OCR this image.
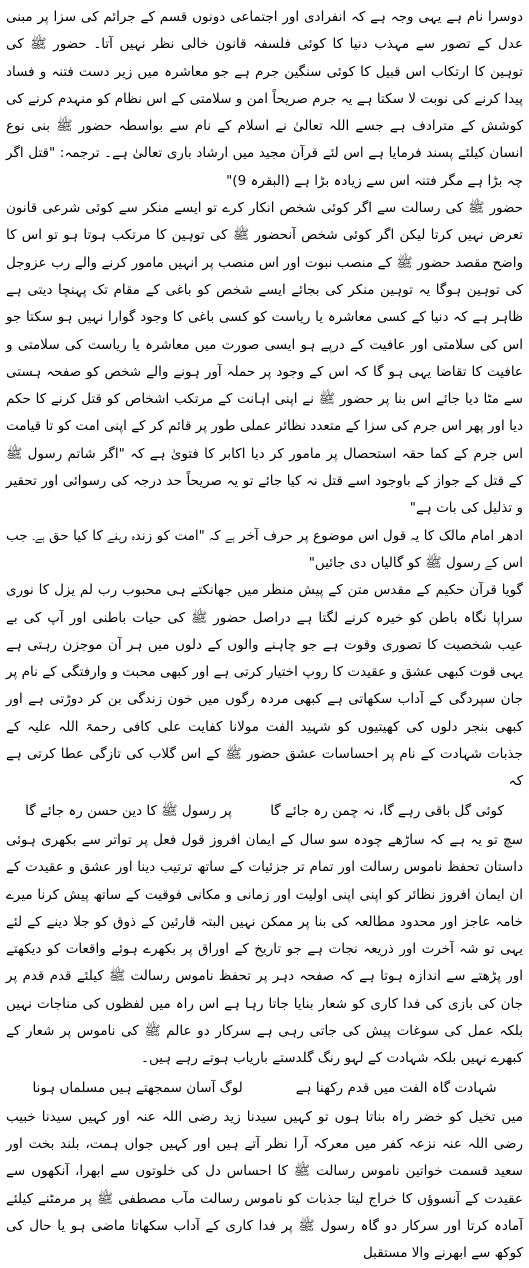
دوسرا نام ہے یہی وجہ ہے کہ انفرادی اور اجتماعی دونوں قسم کے جرائم کی سزا پر مبنی عدل کے تصور سے مہذب دنیا کا کوئی فلسفہ قانون خالی نظر نہیں آتا۔ حضور ﷺ کی توہین کا ارتکاب اس قبیل کا کوئی سنگین جرم ہے جو معاشرہ میں زیر دست فتنہ و فساد پیدا کرنے کی نوبت لا سکتا ہے یہ جرم صریحاً امن و سلامتی کے اس نظام کو منہدم کرنے کی کوشش کے مترادف ہے جسے اللہ تعالیٰ نے اسلام کے نام سے بواسطہ حضور ﷺ بنی نوع انسان کیلئے پسند فرمایا ہے اس لئے قرآن مجید میں ارشاد باری تعالیٰ ہے۔ ترجمہ: "قتل اگر چہ بڑا ہے مگر فتنہ اس سے زیادہ بڑا ہے (البقرہ 9)"

حضور ﷺ کی رسالت سے اگر کوئی شخص انکار کرے تو ایسے منکر سے کوئی شرعی قانون تعرض نہیں کرتا لیکن اگر کوئی شخص آنحضور ﷺ کی توہین کا مرتکب ہوتا ہو تو اس کا واضح مقصد حضور ﷺ کے منصب نبوت اور اس منصب پر انہیں مامور کرنے والے رب عزوجل کی توہین ہوگا یہ توہین منکر کی بجائے ایسے شخص کو باغی کے مقام تک پہنچا دیتی ہے ظاہر ہے کہ دنیا کے کسی معاشرہ یا ریاست کو کسی باغی کا وجود گوارا نہیں ہو سکتا جو اس کی سلامتی اور عافیت کے درپے ہو ایسی صورت میں معاشرہ یا ریاست کی سلامتی و عافیت کا تقاضا یہی ہو گا کہ اس کے وجود پر حملہ آور ہونے والے شخص کو صفحہ ہستی سے مٹا دیا جائے اس بنا پر حضور ﷺ نے اپنی اہانت کے مرتکب اشخاص کو قتل کرنے کا حکم دیا اور پھر اس جرم کی سزا کے متعدد نظائر عملی طور پر قائم کر کے اپنی امت کو تا قیامت اس جرم کے کما حقہ استحصال پر مامور کر دیا اکابر کا فتویٰ ہے کہ "اگر شاتم رسول ﷺ کے قتل کے جواز کے باوجود اسے قتل نہ کیا جائے تو یہ صریحاً حد درجہ کی رسوائی اور تحقیر و تذلیل کی بات ہے"

ادھر امام مالک کا یہ قول اس موضوع پر حرف آخر ہے کہ "امت کو زندہ رہنے کا کیا حق ہے۔ جب اس کے رسول ﷺ کو گالیاں دی جائیں"

گویا قرآن حکیم کے مقدس متن کے پیش منظر میں جھانکتے ہی محبوب رب لم یزل کا نوری سراپا نگاہ باطن کو خیرہ کرنے لگتا ہے دراصل حضور ﷺ کی حیات باطنی اور آپ کی بے عیب شخصیت کا تصوری وقوت ہے جو چاہنے والوں کے دلوں میں ہر آن موجزن رہتی ہے یہی قوت کبھی عشق و عقیدت کا روپ اختیار کرتی ہے اور کبھی محبت و وارفتگی کے نام پر جان سپردگی کے آداب سکھاتی ہے کبھی مردہ رگوں میں خون زندگی بن کر دوڑتی ہے اور کبھی بنجر دلوں کی کھیتیوں کو شہید الفت مولانا کفایت علی کافی رحمۃ اللہ علیہ کے جذبات شہادت کے نام پر احساسات عشق حضور ﷺ کے اس گلاب کی تازگی عطا کرتی ہے کہ

کوئی گل باقی رہے گا، نہ چمن رہ جائے گا
پر رسول ﷺ کا دین حسن رہ جائے گا

سچ تو یہ ہے کہ ساڑھے چودہ سو سال کے ایمان افروز قول فعل پر تواتر سے بکھری ہوئی داستان تحفظ ناموس رسالت اور تمام تر جزئیات کے ساتھ ترتیب دینا اور عشق و عقیدت کے ان ایمان افروز نظائر کو اپنی اپنی اولیت اور زمانی و مکانی فوقیت کے ساتھ پیش کرنا میرے خامہ عاجز اور محدود مطالعہ کی بنا پر ممکن نہیں البتہ قارئین کے ذوق کو جلا دینے کے لئے یہی تو شہ آخرت اور ذریعہ نجات ہے جو تاریخ کے اوراق پر بکھرے ہوئے واقعات کو دیکھتے اور پڑھتے سے اندازہ ہوتا ہے کہ صفحہ دہر پر تحفظ ناموس رسالت ﷺ کیلئے قدم قدم پر جان کی بازی کی فدا کاری کو شعار بنایا جاتا رہا ہے اس راہ میں لفظوں کی مناجات نہیں بلکہ عمل کی سوغات پیش کی جاتی رہی ہے سرکار دو عالم ﷺ کی ناموس پر شعار کے کبھرے نہیں بلکہ شہادت کے لہو رنگ گلدستے باریاب ہوتے رہے ہیں۔

شہادت گاہ الفت میں قدم رکھنا ہے
لوگ آسان سمجھتے ہیں مسلماں ہونا

میں تخیل کو خضر راہ بناتا ہوں تو کہیں سیدنا زید رضی اللہ عنہ اور کہیں سیدنا خبیب رضی اللہ عنہ نزعہ کفر میں معرکہ آرا نظر آتے ہیں اور کہیں جواں ہمت، بلند بخت اور سعید قسمت خواتین ناموس رسالت ﷺ کا احساس دل کی خلوتوں سے ابھرا، آنکھوں سے عقیدت کے آنسوؤں کا خراج لیتا جذبات کو ناموس رسالت مآب مصطفی ﷺ پر مرمٹنے کیلئے آمادہ کرتا اور سرکار دو گاہ رسول ﷺ پر فدا کاری کے آداب سکھاتا ماضی ہو یا حال کی کوکھ سے ابھرنے والا مستقبل
